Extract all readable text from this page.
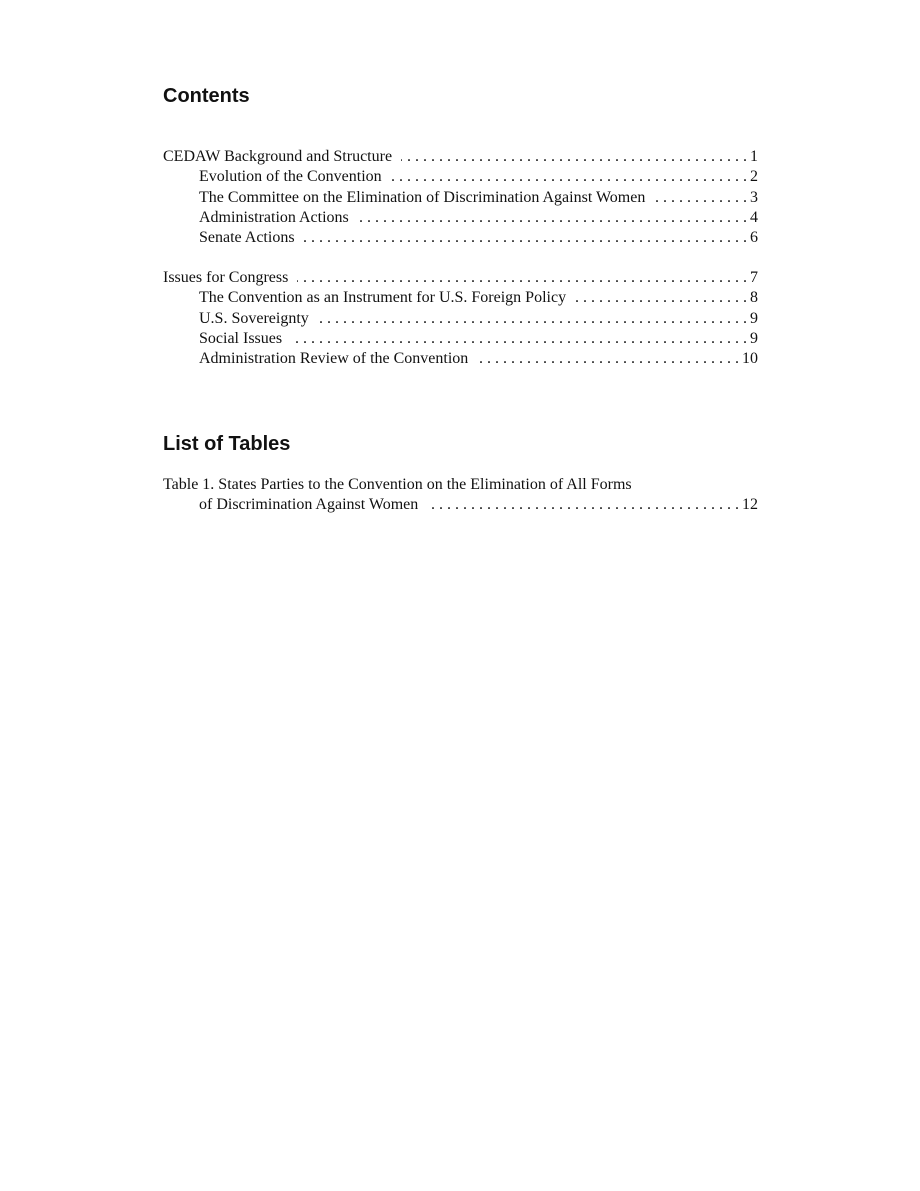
Contents
CEDAW Background and Structure . . .	1
Evolution of the Convention . . .	2
The Committee on the Elimination of Discrimination Against Women . . .	3
Administration Actions . . .	4
Senate Actions . . .	6
Issues for Congress . . .	7
The Convention as an Instrument for U.S. Foreign Policy . . .	8
U.S. Sovereignty . . .	9
Social Issues . . .	9
Administration Review of the Convention . . .	10
List of Tables
Table 1. States Parties to the Convention on the Elimination of All Forms
of Discrimination Against Women . . .	12
